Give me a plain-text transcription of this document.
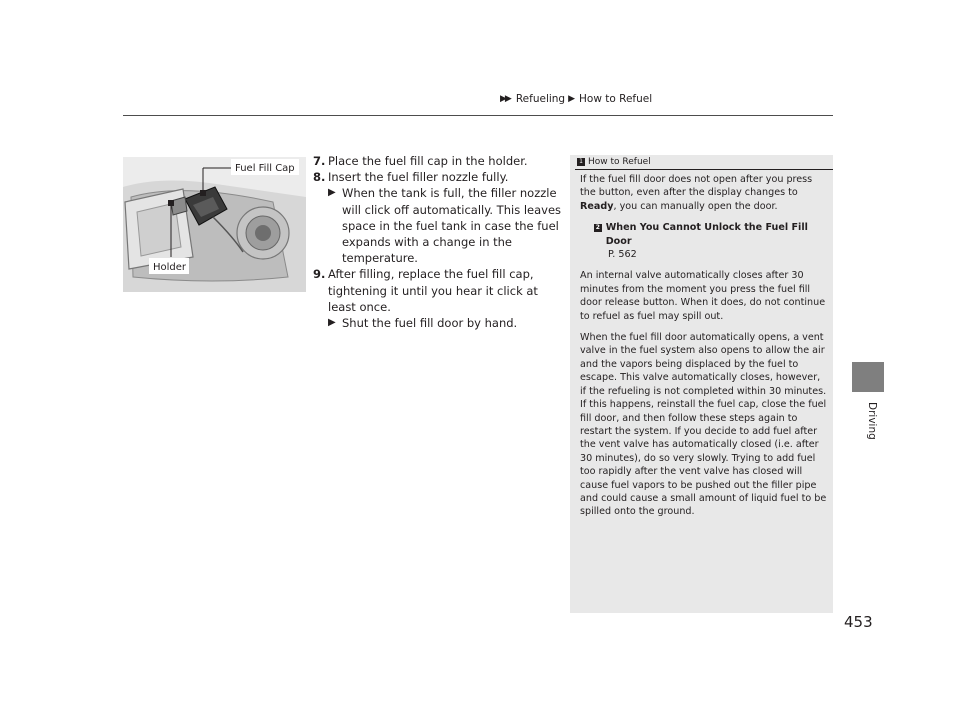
▶▶ Refueling ▶ How to Refuel
Driving
Fuel Fill Cap
Holder
7. Place the fuel fill cap in the holder.
8. Insert the fuel filler nozzle fully.
▶ When the tank is full, the filler nozzle will click off automatically. This leaves space in the fuel tank in case the fuel expands with a change in the temperature.
9. After filling, replace the fuel fill cap, tightening it until you hear it click at least once.
▶ Shut the fuel fill door by hand.
1 How to Refuel

If the fuel fill door does not open after you press the button, even after the display changes to Ready, you can manually open the door.

2 When You Cannot Unlock the Fuel Fill Door

P. 562

An internal valve automatically closes after 30 minutes from the moment you press the fuel fill door release button. When it does, do not continue to refuel as fuel may spill out.

When the fuel fill door automatically opens, a vent valve in the fuel system also opens to allow the air and the vapors being displaced by the fuel to escape. This valve automatically closes, however, if the refueling is not completed within 30 minutes. If this happens, reinstall the fuel cap, close the fuel fill door, and then follow these steps again to restart the system. If you decide to add fuel after the vent valve has automatically closed (i.e. after 30 minutes), do so very slowly. Trying to add fuel too rapidly after the vent valve has closed will cause fuel vapors to be pushed out the filler pipe and could cause a small amount of liquid fuel to be spilled onto the ground.

453
